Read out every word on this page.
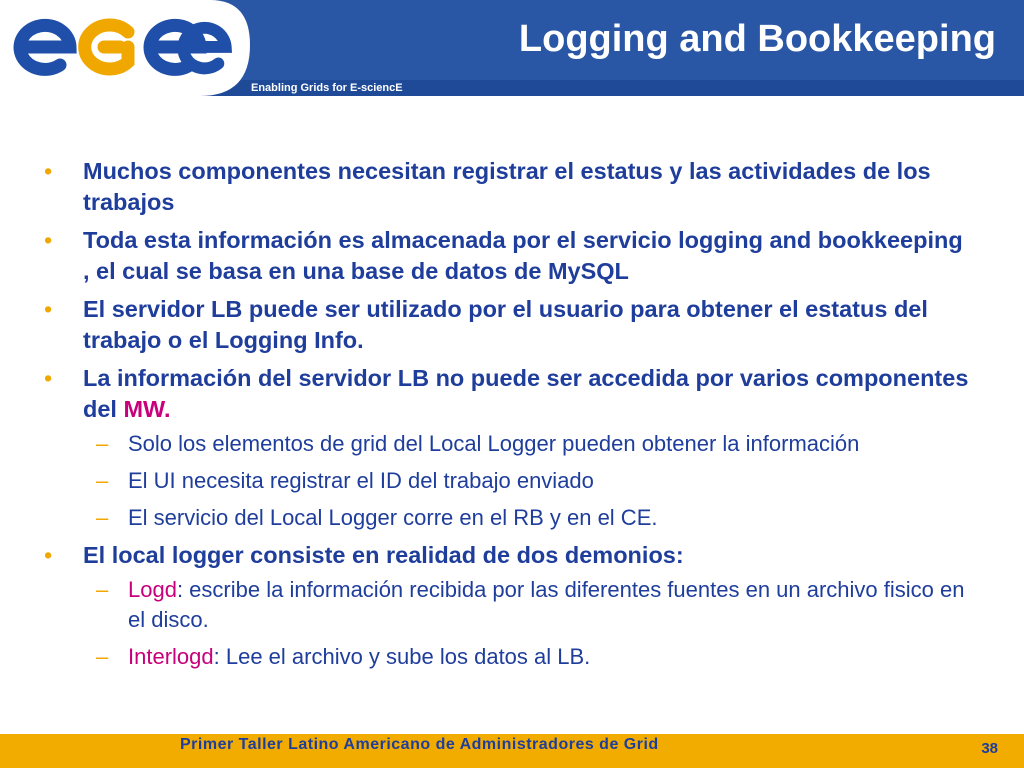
Enabling Grids for E-sciencE
Logging and Bookkeeping
•	Muchos componentes necesitan registrar el estatus y las actividades de los trabajos
•	Toda esta información es almacenada por el servicio logging and bookkeeping , el cual se basa en una base de datos de MySQL
•	El servidor LB puede ser utilizado por el usuario para obtener el estatus del trabajo o el Logging Info.
•	La información del servidor LB no puede ser accedida por varios componentes del MW.
– Solo los elementos de grid del Local Logger pueden obtener la información
– El UI necesita registrar el ID del trabajo enviado
– El servicio del Local Logger corre en el RB y en el CE.
•	El local logger consiste en realidad de dos demonios:
– Logd: escribe la información recibida por las diferentes fuentes en un archivo fisico en el disco.
– Interlogd: Lee el archivo y sube los datos al LB.
Primer Taller Latino Americano de Administradores de Grid	38
